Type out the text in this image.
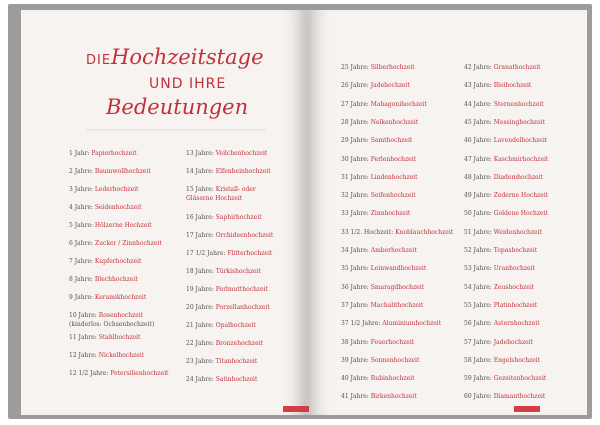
DIE Hochzeitstage
UND IHRE
Bedeutungen
1 Jahr: Papierhochzeit
2 Jahre: Baumwollhochzeit
3 Jahre: Lederhochzeit
4 Jahre: Seidenhochzeit
5 Jahre: Hölzerne Hochzeit
6 Jahre: Zucker / Zinnhochzeit
7 Jahre: Kupferhochzeit
8 Jahre: Blechhochzeit
9 Jahre: Keramikhochzeit
10 Jahre: Rosenhochzeit
(kinderlos: Ochsenhochzeit)
11 Jahre: Stahlhochzeit
12 Jahre: Nickelhochzeit
12 1/2 Jahre: Petersilienhochzeit
13 Jahre: Veilchenhochzeit
14 Jahre: Elfenbeinhochzeit
15 Jahre: Kristall- oder
Gläserne Hochzeit
16 Jahre: Saphirhochzeit
17 Jahre: Orchideenhochzeit
17 1/2 Jahre: Flitterhochzeit
18 Jahre: Türkishochzeit
19 Jahre: Perlmutthochzeit
20 Jahre: Porzellanhochzeit
21 Jahre: Opalhochzeit
22 Jahre: Bronzehochzeit
23 Jahre: Titanhochzeit
24 Jahre: Satinhochzeit
25 Jahre: Silberhochzeit
26 Jahre: Jadehochzeit
27 Jahre: Mahagonihochzeit
28 Jahre: Nelkenhochzeit
29 Jahre: Samthochzeit
30 Jahre: Perlenhochzeit
31 Jahre: Lindenhochzeit
32 Jahre: Seifenhochzeit
33 Jahre: Zinnhochzeit
33 1/2. Hochzeit: Knoblauchhochzeit
34 Jahre: Amberhochzeit
35 Jahre: Leinwandhochzeit
36 Jahre: Smaragdhochzeit
37 Jahre: Machalithochzeit
37 1/2 Jahre: Aluminiumhochzeit
38 Jahre: Feuerhochzeit
39 Jahre: Sonnenhochzeit
40 Jahre: Rubinhochzeit
41 Jahre: Birkenhochzeit
42 Jahre: Granathochzeit
43 Jahre: Bleihochzeit
44 Jahre: Sternenhochzeit
45 Jahre: Messinghochzeit
46 Jahre: Lavendelhochzeit
47 Jahre: Kaschmirhochzeit
48 Jahre: Diademhochzeit
49 Jahre: Zederne Hochzeit
50 Jahre: Goldene Hochzeit
51 Jahre: Weidenhochzeit
52 Jahre: Topashochzeit
53 Jahre: Uranhochzeit
54 Jahre: Zeushochzeit
55 Jahre: Platinhochzeit
56 Jahre: Asternhochzeit
57 Jahre: Jadehochzeit
58 Jahre: Engelshochzeit
59 Jahre: Gezeitenhochzeit
60 Jahre: Diamanthochzeit
